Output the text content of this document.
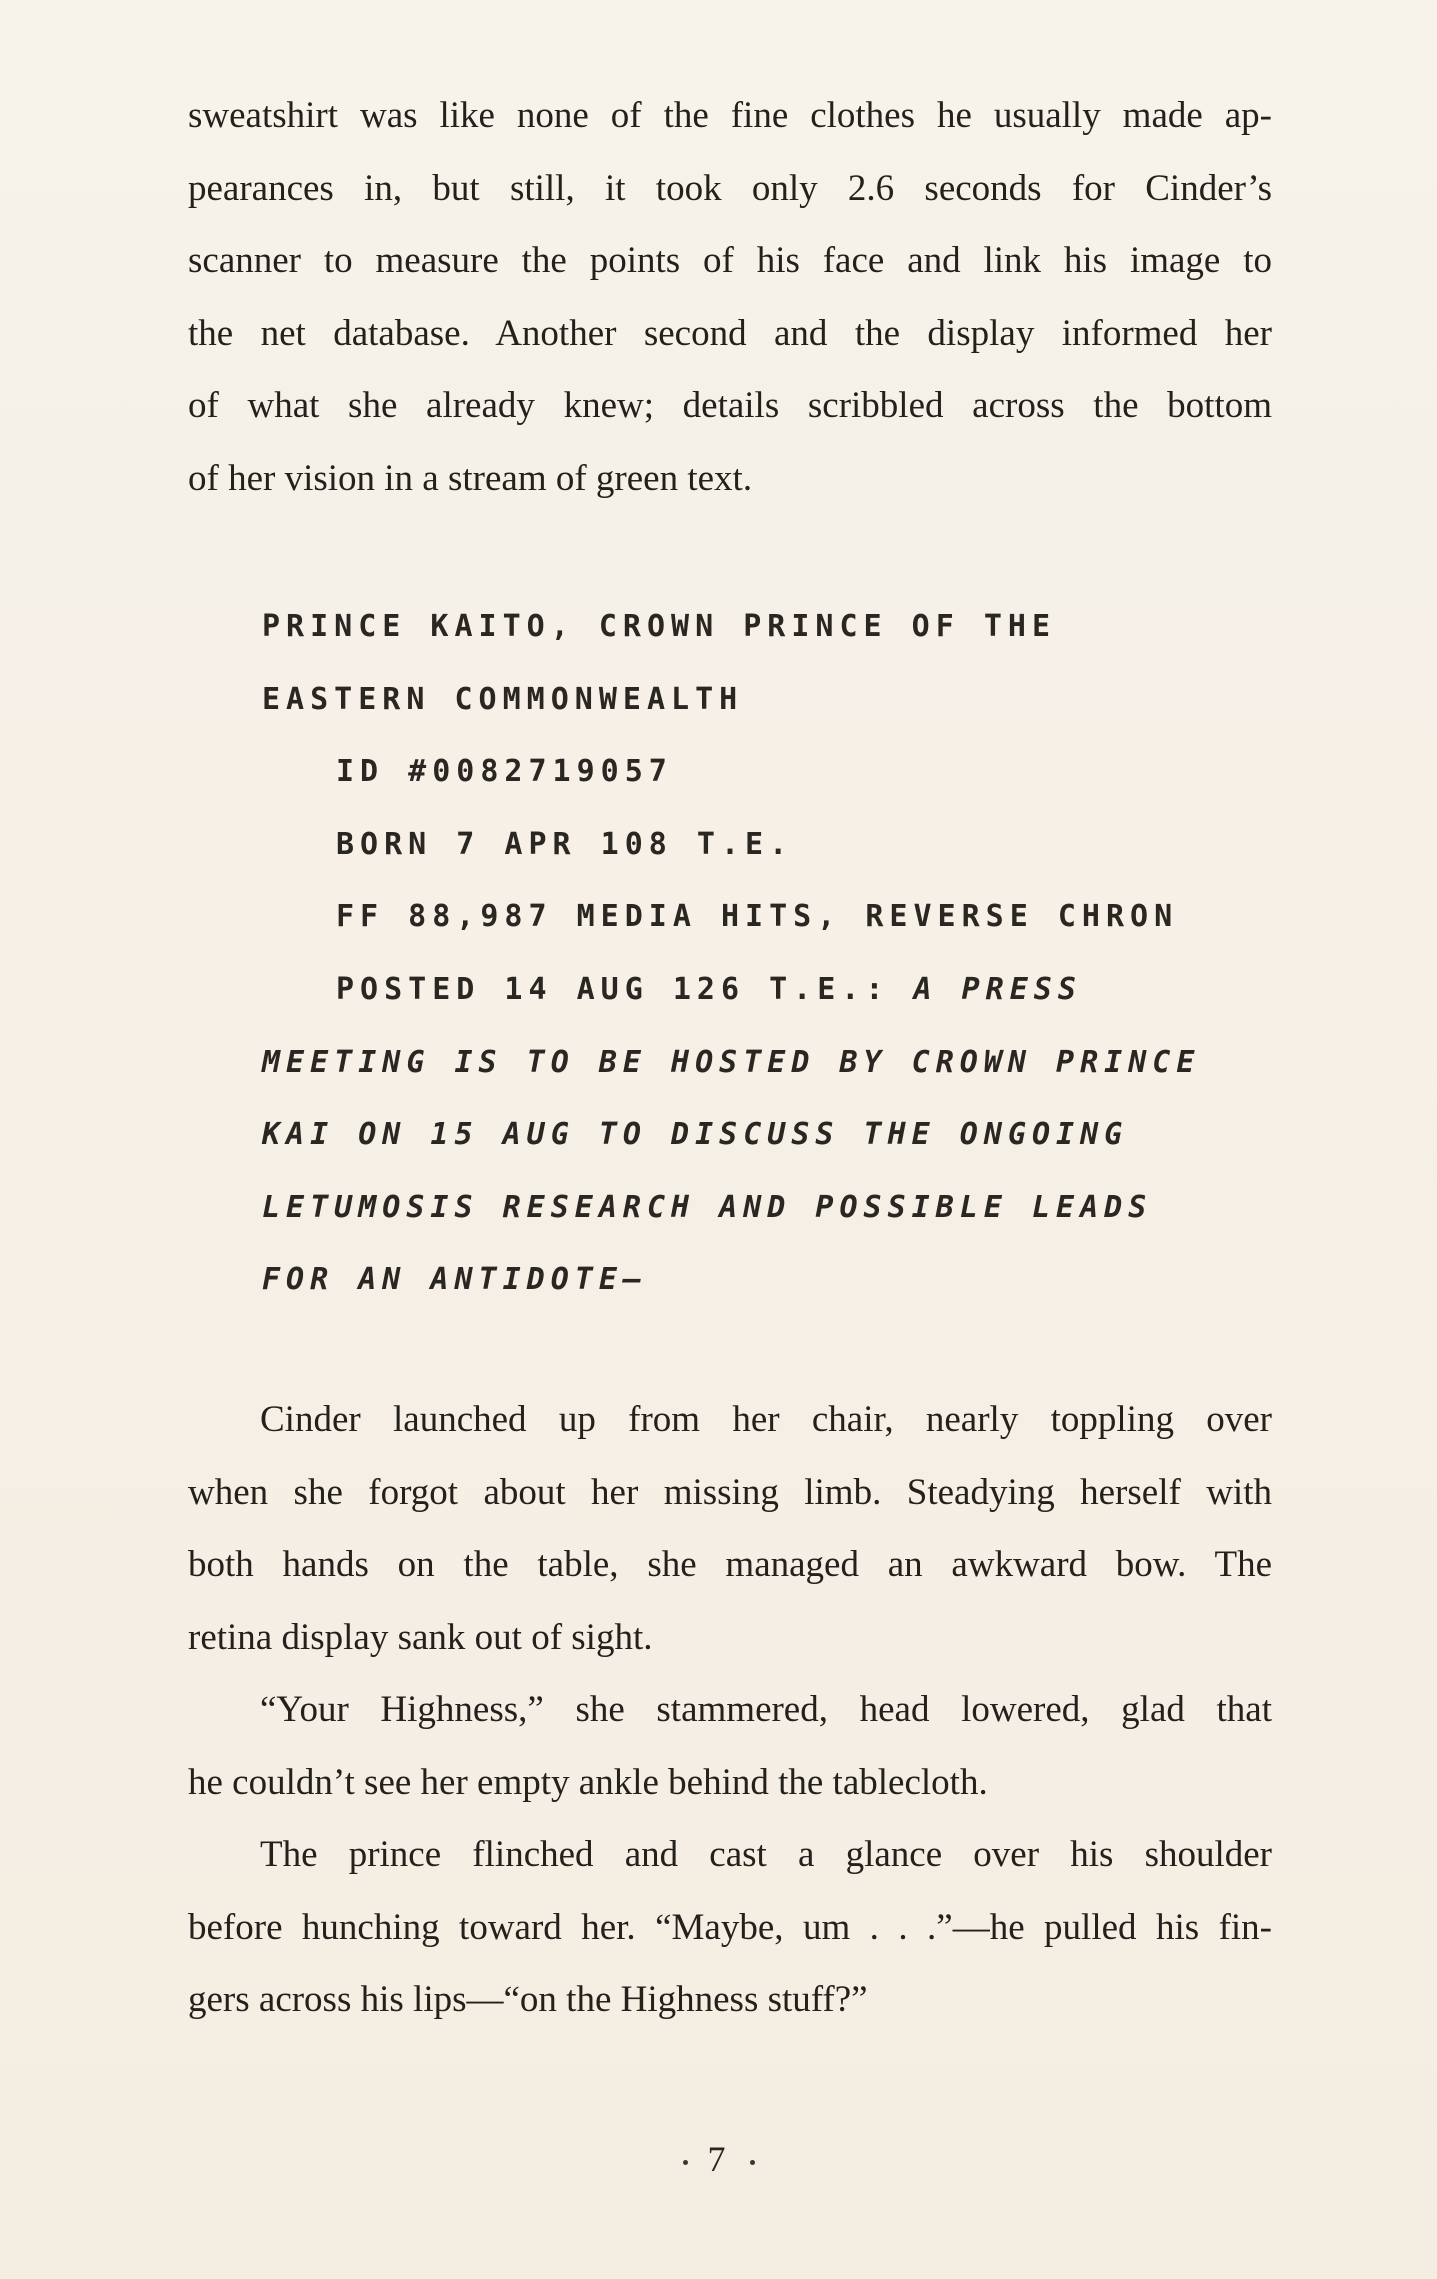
sweatshirt was like none of the fine clothes he usually made ap-
pearances in, but still, it took only 2.6 seconds for Cinder’s
scanner to measure the points of his face and link his image to
the net database. Another second and the display informed her
of what she already knew; details scribbled across the bottom
of her vision in a stream of green text.
PRINCE KAITO, CROWN PRINCE OF THE
EASTERN COMMONWEALTH
ID #0082719057
BORN 7 APR 108 T.E.
FF 88,987 MEDIA HITS, REVERSE CHRON
POSTED 14 AUG 126 T.E.: A PRESS
MEETING IS TO BE HOSTED BY CROWN PRINCE
KAI ON 15 AUG TO DISCUSS THE ONGOING
LETUMOSIS RESEARCH AND POSSIBLE LEADS
FOR AN ANTIDOTE—
Cinder launched up from her chair, nearly toppling over
when she forgot about her missing limb. Steadying herself with
both hands on the table, she managed an awkward bow. The
retina display sank out of sight.
“Your Highness,” she stammered, head lowered, glad that
he couldn’t see her empty ankle behind the tablecloth.
The prince flinched and cast a glance over his shoulder
before hunching toward her. “Maybe, um . . .”—he pulled his fin-
gers across his lips—“on the Highness stuff?”
7
